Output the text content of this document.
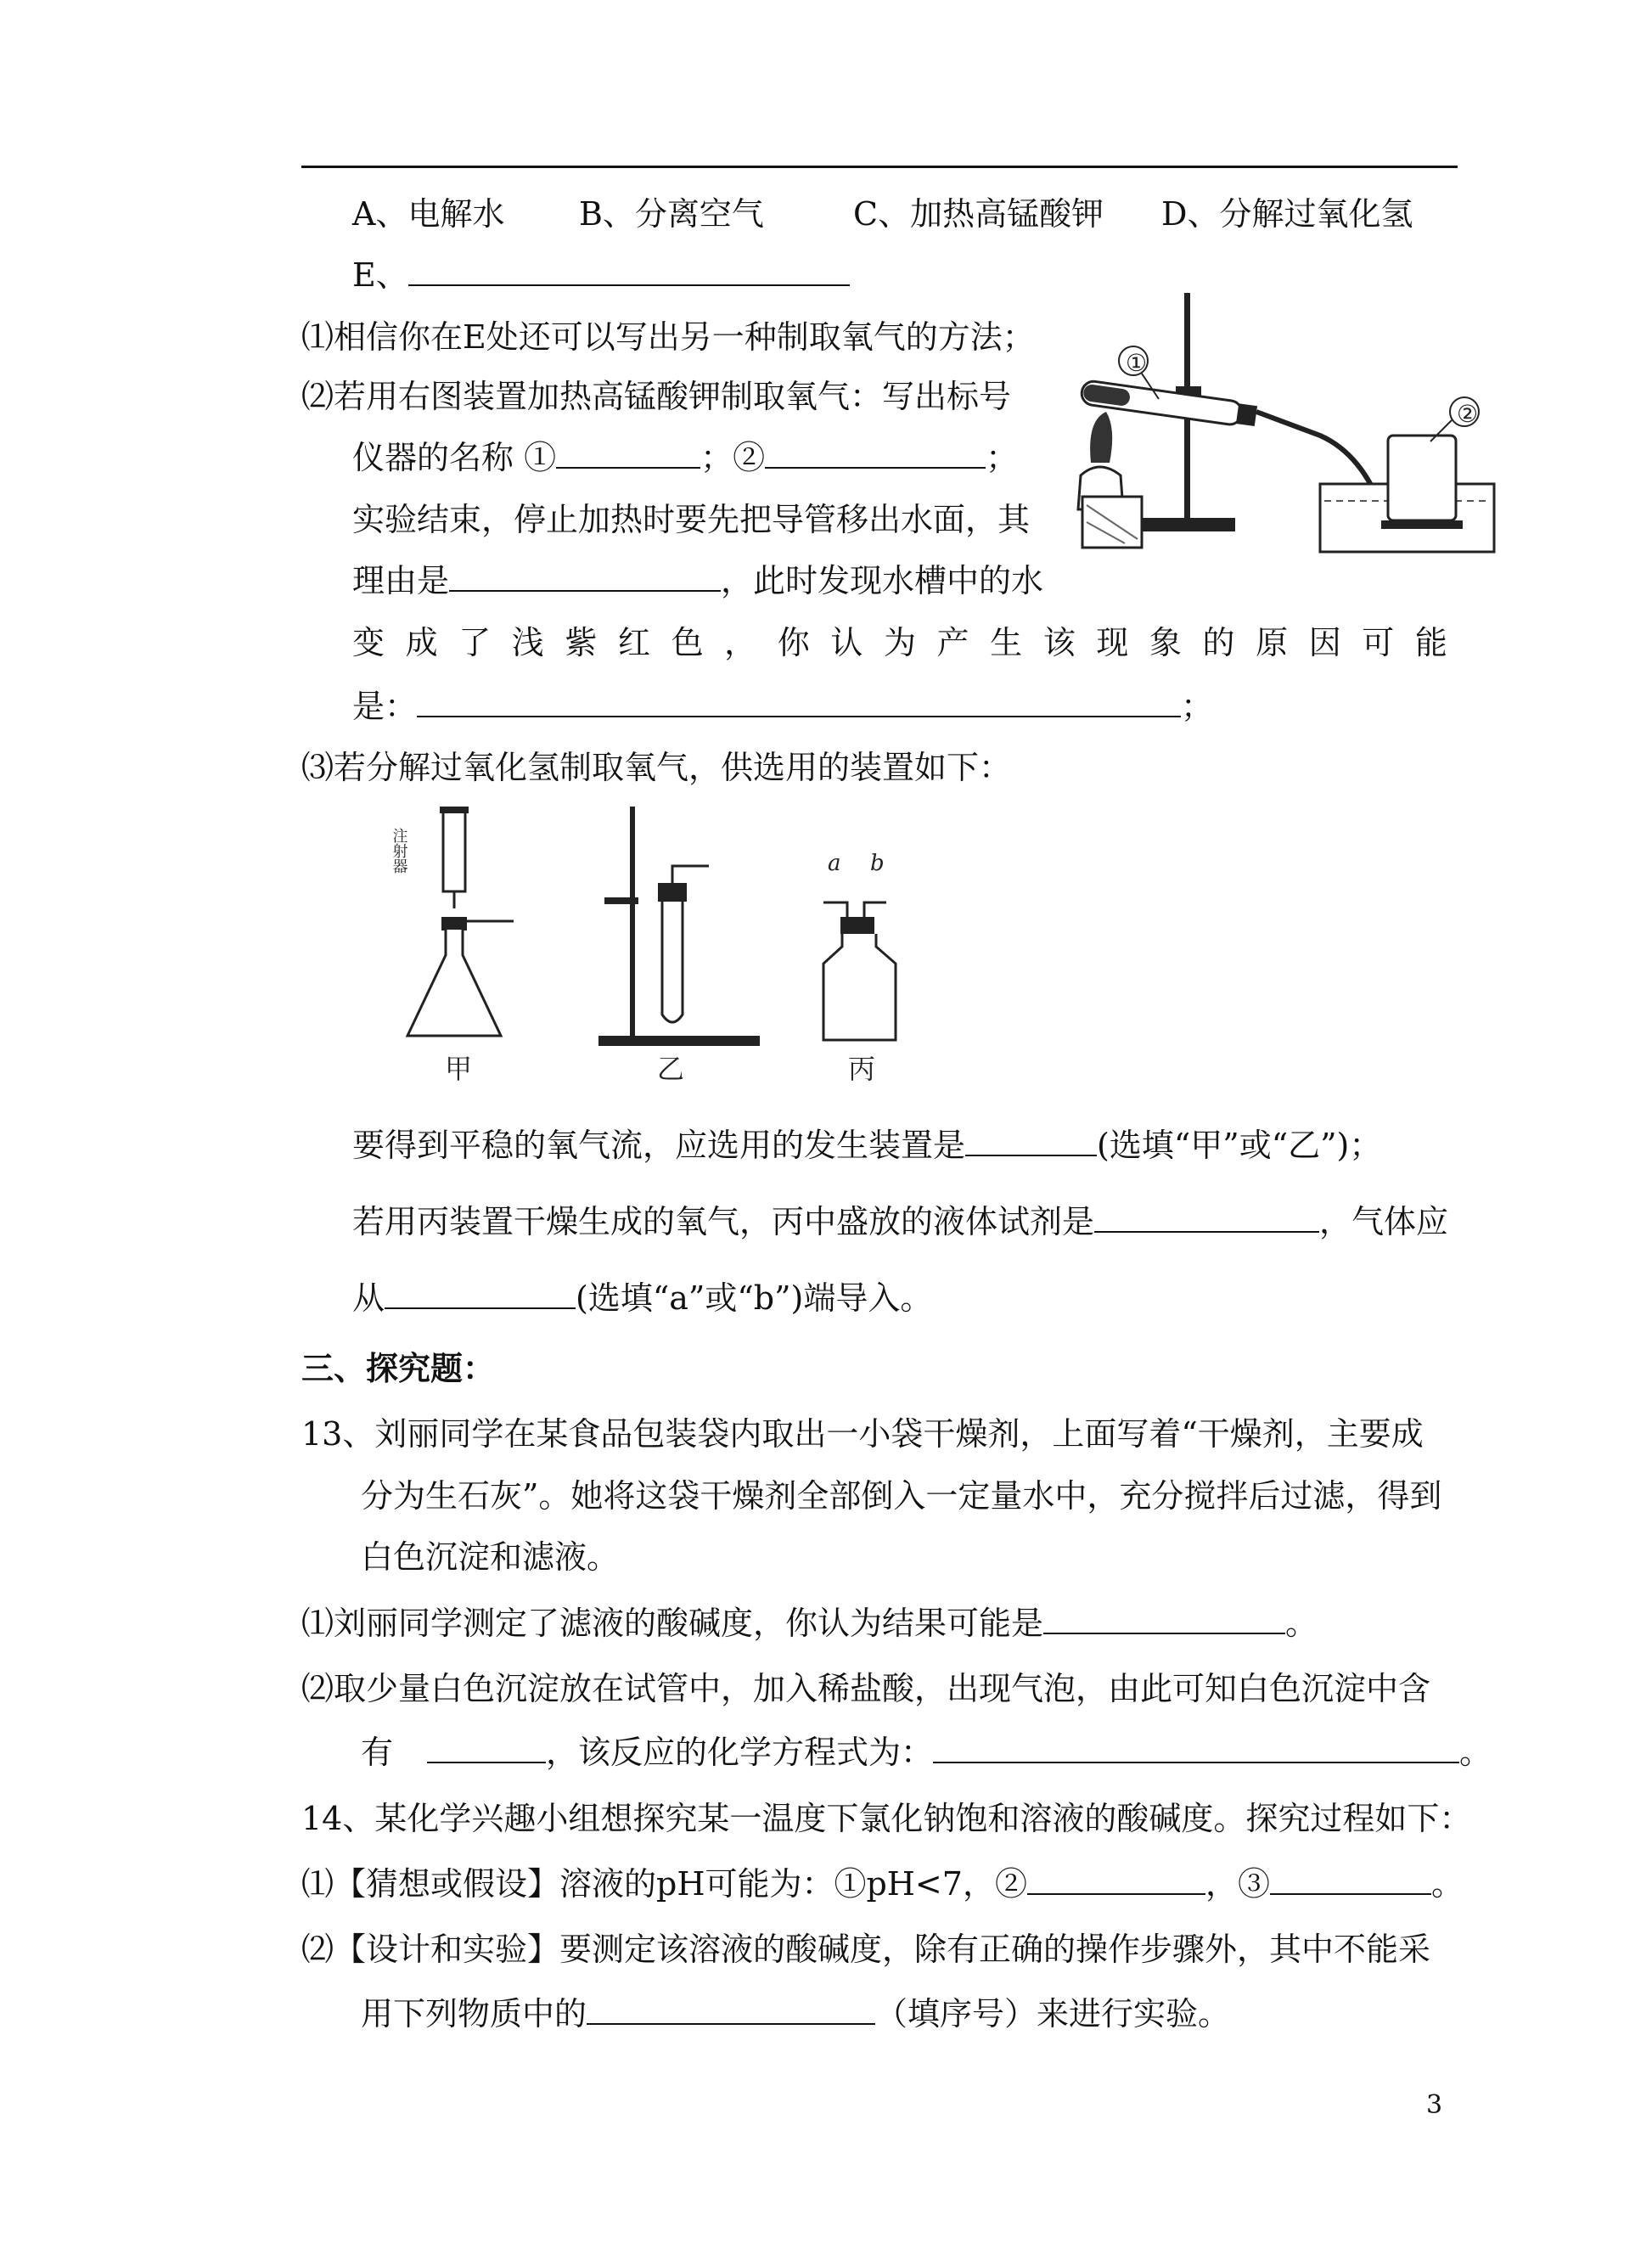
A、电解水 B、分离空气	C、加热高锰酸钾 D、分解过氧化氢
E、
⑴相信你在E处还可以写出另一种制取氧气的方法；
⑵若用右图装置加热高锰酸钾制取氧气：写出标号
仪器的名称 ①	；②	；
实验结束，停止加热时要先把导管移出水面，其
理由是	，此时发现水槽中的水
变 成 了 浅 紫 红 色 ， 你 认 为 产 生 该 现 象 的 原 因 可 能
是：	；
①
②
⑶若分解过氧化氢制取氧气，供选用的装置如下：
注射器	a b
甲	乙	丙
要得到平稳的氧气流，应选用的发生装置是	(选填“甲”或“乙”)；
若用丙装置干燥生成的氧气，丙中盛放的液体试剂是	，气体应
从	(选填“a”或“b”)端导入。
三、探究题：
13、刘丽同学在某食品包装袋内取出一小袋干燥剂，上面写着“干燥剂，主要成
分为生石灰”。她将这袋干燥剂全部倒入一定量水中，充分搅拌后过滤，得到
白色沉淀和滤液。
⑴刘丽同学测定了滤液的酸碱度，你认为结果可能是	。
⑵取少量白色沉淀放在试管中，加入稀盐酸，出现气泡，由此可知白色沉淀中含
有	，该反应的化学方程式为：	。
14、某化学兴趣小组想探究某一温度下氯化钠饱和溶液的酸碱度。探究过程如下：
⑴【猜想或假设】溶液的pH可能为：①pH<7，②	，③	。
⑵【设计和实验】要测定该溶液的酸碱度，除有正确的操作步骤外，其中不能采
用下列物质中的	（填序号）来进行实验。
3
